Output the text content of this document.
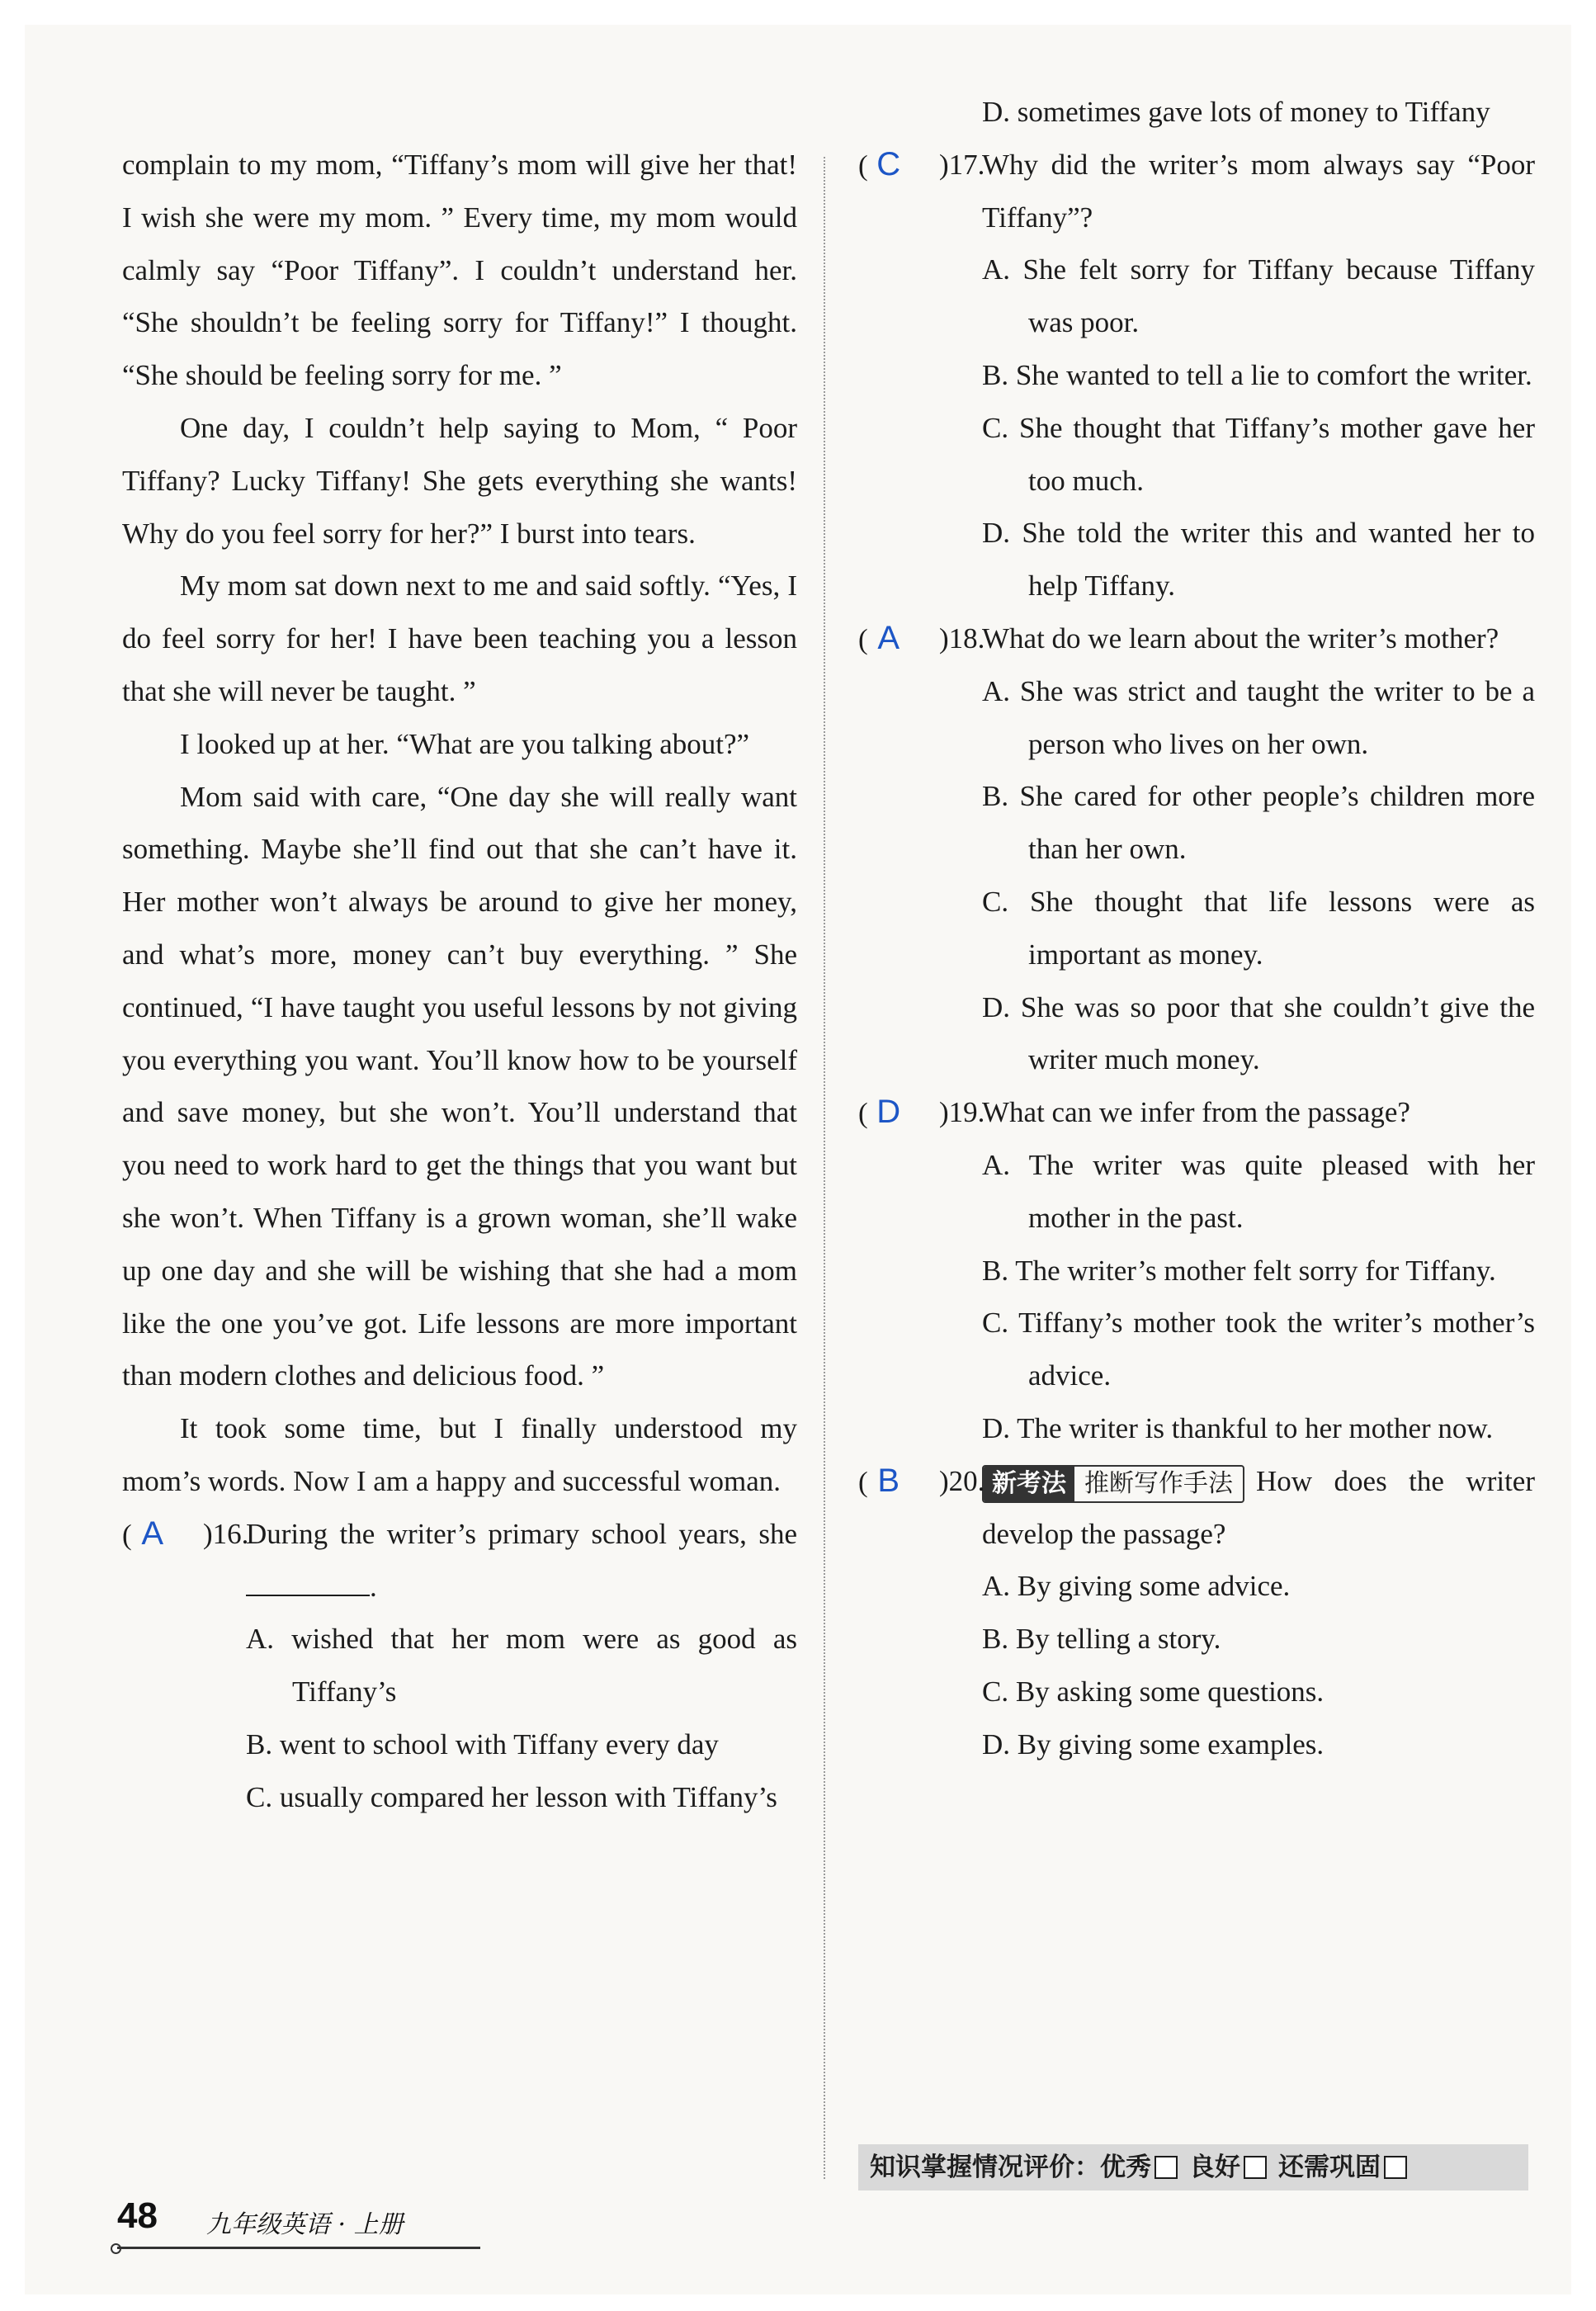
complain to my mom, “Tiffany’s mom will give her that! I wish she were my mom. ” Every time, my mom would calmly say “Poor Tiffany”. I couldn’t understand her. “She shouldn’t be feeling sorry for Tiffany!” I thought. “She should be feeling sorry for me. ”

One day, I couldn’t help saying to Mom, “ Poor Tiffany? Lucky Tiffany! She gets everything she wants! Why do you feel sorry for her?” I burst into tears.

My mom sat down next to me and said softly. “Yes, I do feel sorry for her! I have been teaching you a lesson that she will never be taught. ”

I looked up at her. “What are you talking about?”

Mom said with care, “One day she will really want something. Maybe she’ll find out that she can’t have it. Her mother won’t always be around to give her money, and what’s more, money can’t buy everything. ” She continued, “I have taught you useful lessons by not giving you everything you want. You’ll know how to be yourself and save money, but she won’t. You’ll understand that you need to work hard to get the things that you want but she won’t. When Tiffany is a grown woman, she’ll wake up one day and she will be wishing that she had a mom like the one you’ve got. Life lessons are more important than modern clothes and delicious food. ”

It took some time, but I finally understood my mom’s words. Now I am a happy and successful woman.

( A	)16.

During the writer’s primary school years, she .

A. wished that her mom were as good as Tiffany’s

B. went to school with Tiffany every day

C. usually compared her lesson with Tiffany’s

D. sometimes gave lots of money to Tiffany

( C	)17.

Why did the writer’s mom always say “Poor Tiffany”?

A. She felt sorry for Tiffany because Tiffany was poor.

B. She wanted to tell a lie to comfort the writer.

C. She thought that Tiffany’s mother gave her too much.

D. She told the writer this and wanted her to help Tiffany.

( A	)18.

What do we learn about the writer’s mother?

A. She was strict and taught the writer to be a person who lives on her own.

B. She cared for other people’s children more than her own.

C. She thought that life lessons were as important as money.

D. She was so poor that she couldn’t give the writer much money.

( D	)19.

What can we infer from the passage?

A. The writer was quite pleased with her mother in the past.

B. The writer’s mother felt sorry for Tiffany.

C. Tiffany’s mother took the writer’s mother’s advice.

D. The writer is thankful to her mother now.

( B	)20. 新考法 推断写作手法 How does the writer develop the passage?

A. By giving some advice.

B. By telling a story.

C. By asking some questions.

D. By giving some examples.

知识掌握情况评价：优秀 良好 还需巩固
48 九年级英语 · 上册
